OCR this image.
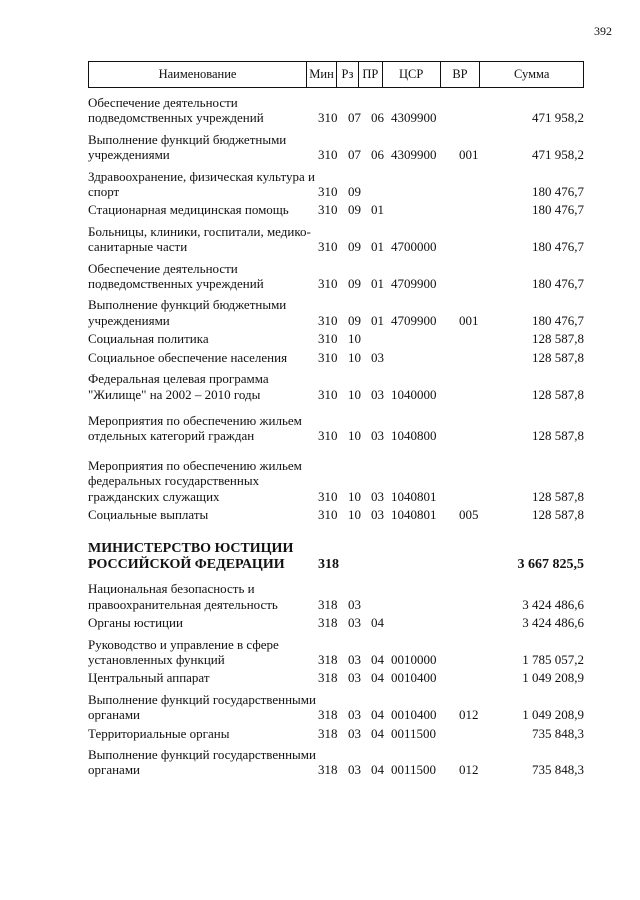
392
Наименование	Мин Рз ПР	ЦСР	ВР	Сумма
Обеспечение деятельности подведомственных учреждений	310 07 06 4309900	471 958,2
Выполнение функций бюджетными учреждениями	310 07 06 4309900	001	471 958,2
Здравоохранение, физическая культура и спорт	310 09	180 476,7
Стационарная медицинская помощь	310 09 01	180 476,7
Больницы, клиники, госпитали, медико-санитарные части	310 09 01 4700000	180 476,7
Обеспечение деятельности подведомственных учреждений	310 09 01 4709900	180 476,7
Выполнение функций бюджетными учреждениями	310 09 01 4709900	001	180 476,7
Социальная политика	310 10	128 587,8
Социальное обеспечение населения	310 10 03	128 587,8
Федеральная целевая программа "Жилище" на 2002 – 2010 годы	310 10 03 1040000	128 587,8
Мероприятия по обеспечению жильем отдельных категорий граждан	310 10 03 1040800	128 587,8
Мероприятия по обеспечению жильем федеральных государственных гражданских служащих	310 10 03 1040801	128 587,8
Социальные выплаты	310 10 03 1040801	005	128 587,8
МИНИСТЕРСТВО ЮСТИЦИИ РОССИЙСКОЙ ФЕДЕРАЦИИ	318	3 667 825,5
Национальная безопасность и правоохранительная деятельность	318 03	3 424 486,6
Органы юстиции	318 03 04	3 424 486,6
Руководство и управление в сфере установленных функций	318 03 04 0010000	1 785 057,2
Центральный аппарат	318 03 04 0010400	1 049 208,9
Выполнение функций государственными органами	318 03 04 0010400	012	1 049 208,9
Территориальные органы	318 03 04 0011500	735 848,3
Выполнение функций государственными органами	318 03 04 0011500	012	735 848,3
